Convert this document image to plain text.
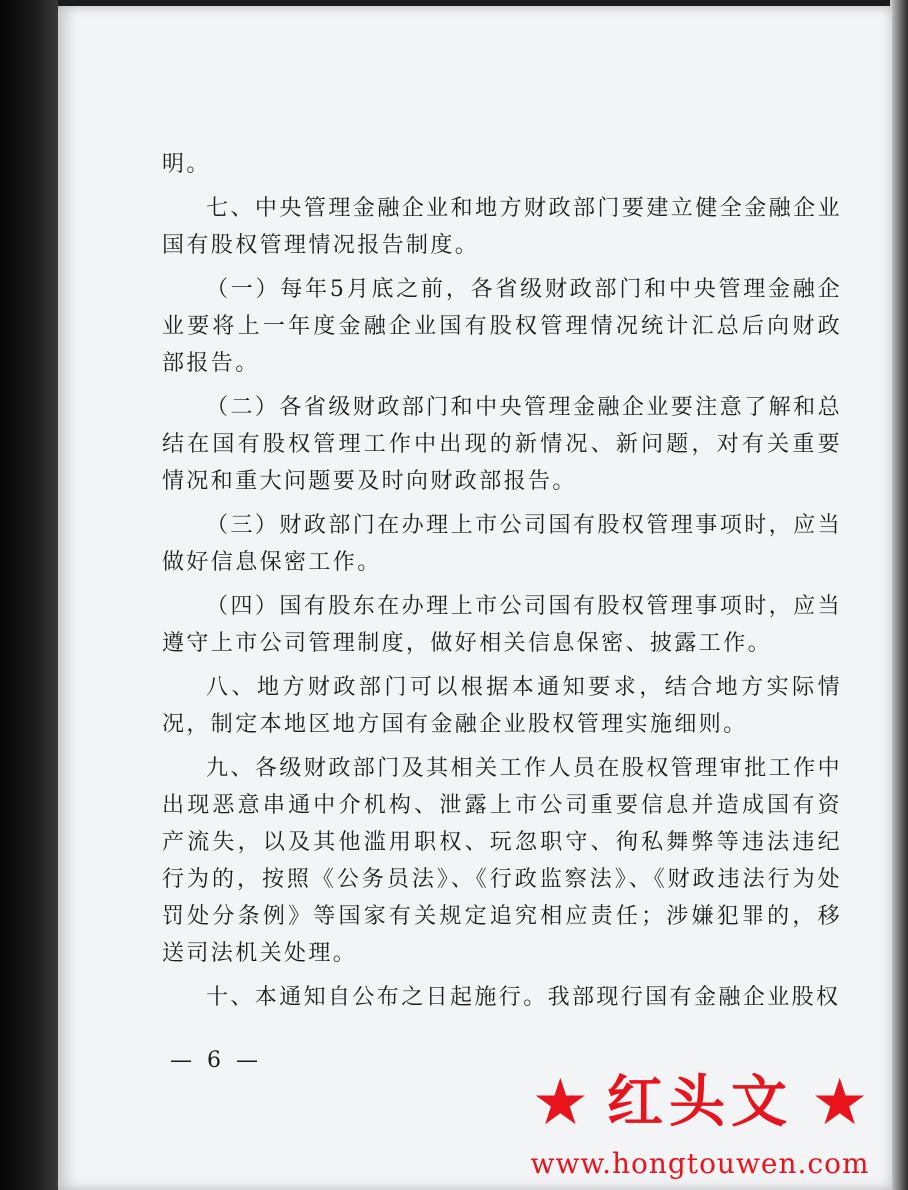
明。

七、中央管理金融企业和地方财政部门要建立健全金融企业国有股权管理情况报告制度。

（一）每年5月底之前，各省级财政部门和中央管理金融企业要将上一年度金融企业国有股权管理情况统计汇总后向财政部报告。

（二）各省级财政部门和中央管理金融企业要注意了解和总结在国有股权管理工作中出现的新情况、新问题，对有关重要情况和重大问题要及时向财政部报告。

（三）财政部门在办理上市公司国有股权管理事项时，应当做好信息保密工作。

（四）国有股东在办理上市公司国有股权管理事项时，应当遵守上市公司管理制度，做好相关信息保密、披露工作。

八、地方财政部门可以根据本通知要求，结合地方实际情况，制定本地区地方国有金融企业股权管理实施细则。

九、各级财政部门及其相关工作人员在股权管理审批工作中出现恶意串通中介机构、泄露上市公司重要信息并造成国有资产流失，以及其他滥用职权、玩忽职守、徇私舞弊等违法违纪行为的，按照《公务员法》、《行政监察法》、《财政违法行为处罚处分条例》等国家有关规定追究相应责任；涉嫌犯罪的，移送司法机关处理。

十、本通知自公布之日起施行。我部现行国有金融企业股权

— 6 —
★ 红头文 ★
www.hongtouwen.com
